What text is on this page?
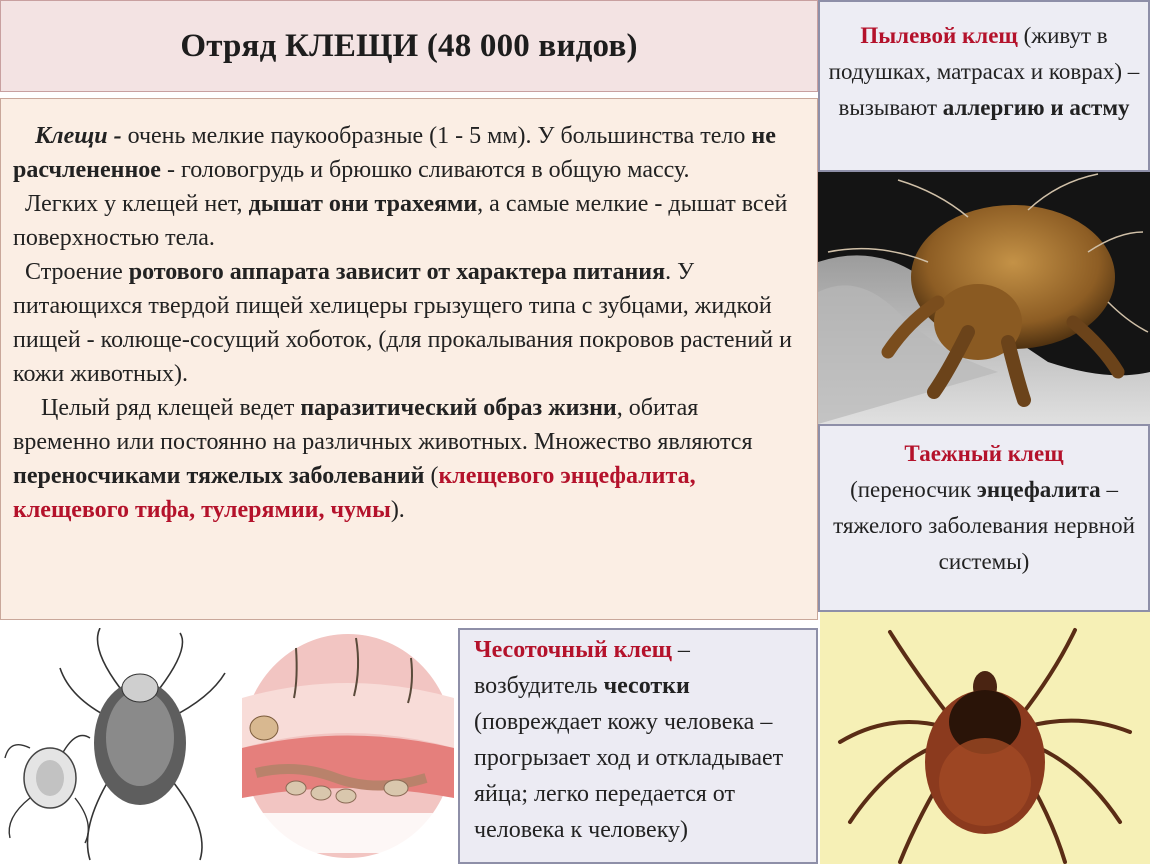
Отряд КЛЕЩИ (48 000 видов)

Клещи - очень мелкие паукообразные (1 - 5 мм). У большинства тело не расчлененное - головогрудь и брюшко сливаются в общую массу.

Легких у клещей нет, дышат они трахеями, а самые мелкие - дышат всей поверхностью тела.

Строение ротового аппарата зависит от характера питания. У питающихся твердой пищей хелицеры грызущего типа с зубцами, жидкой пищей - колюще-сосущий хоботок, (для прокалывания покровов растений и кожи животных).

Целый ряд клещей ведет паразитический образ жизни, обитая временно или постоянно на различных животных. Множество являются переносчиками тяжелых заболеваний (клещевого энцефалита, клещевого тифа, тулерямии, чумы).

Пылевой клещ (живут в подушках, матрасах и коврах) – вызывают аллергию и астму
Таежный клещ
(переносчик энцефалита – тяжелого заболевания нервной системы)
Чесоточный клещ – возбудитель чесотки (повреждает кожу человека – прогрызает ход и откладывает яйца; легко передается от человека к человеку)
